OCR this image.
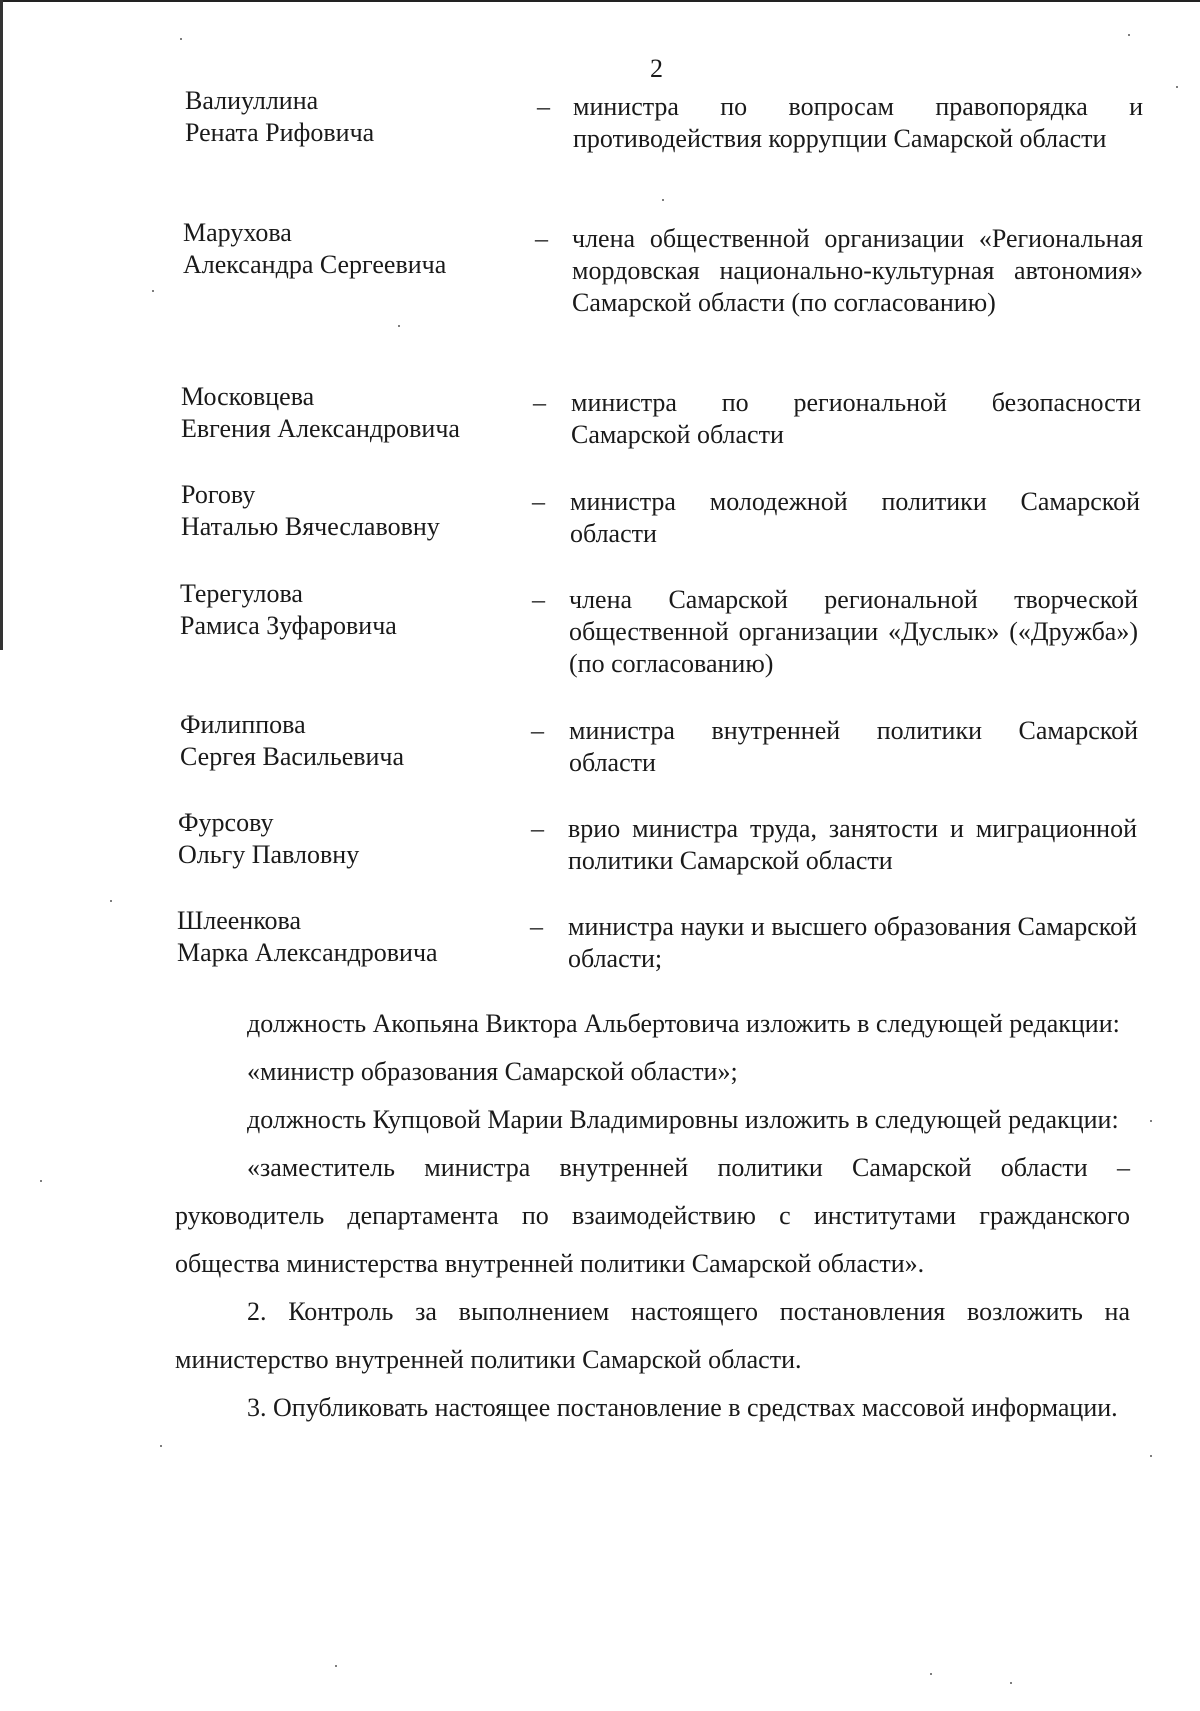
2
Валиуллина
Рената Рифовича
– министра по вопросам правопорядка и противодействия коррупции Самарской области
Марухова
Александра Сергеевича
– члена общественной организации «Региональная мордовская национально-культурная автономия» Самарской области (по согласованию)
Московцева
Евгения Александровича
– министра по региональной безопасности Самарской области
Рогову
Наталью Вячеславовну
– министра молодежной политики Самарской области
Терегулова
Рамиса Зуфаровича
– члена Самарской региональной творческой общественной организации «Дуслык» («Дружба») (по согласованию)
Филиппова
Сергея Васильевича
– министра внутренней политики Самарской области
Фурсову
Ольгу Павловну
– врио министра труда, занятости и миграционной политики Самарской области
Шлеенкова
Марка Александровича
– министра науки и высшего образования Самарской области;

должность Акопьяна Виктора Альбертовича изложить в следующей редакции:

«министр образования Самарской области»;

должность Купцовой Марии Владимировны изложить в следующей редакции:

«заместитель министра внутренней политики Самарской области – руководитель департамента по взаимодействию с институтами гражданского общества министерства внутренней политики Самарской области».

2. Контроль за выполнением настоящего постановления возложить на министерство внутренней политики Самарской области.

3. Опубликовать настоящее постановление в средствах массовой информации.
